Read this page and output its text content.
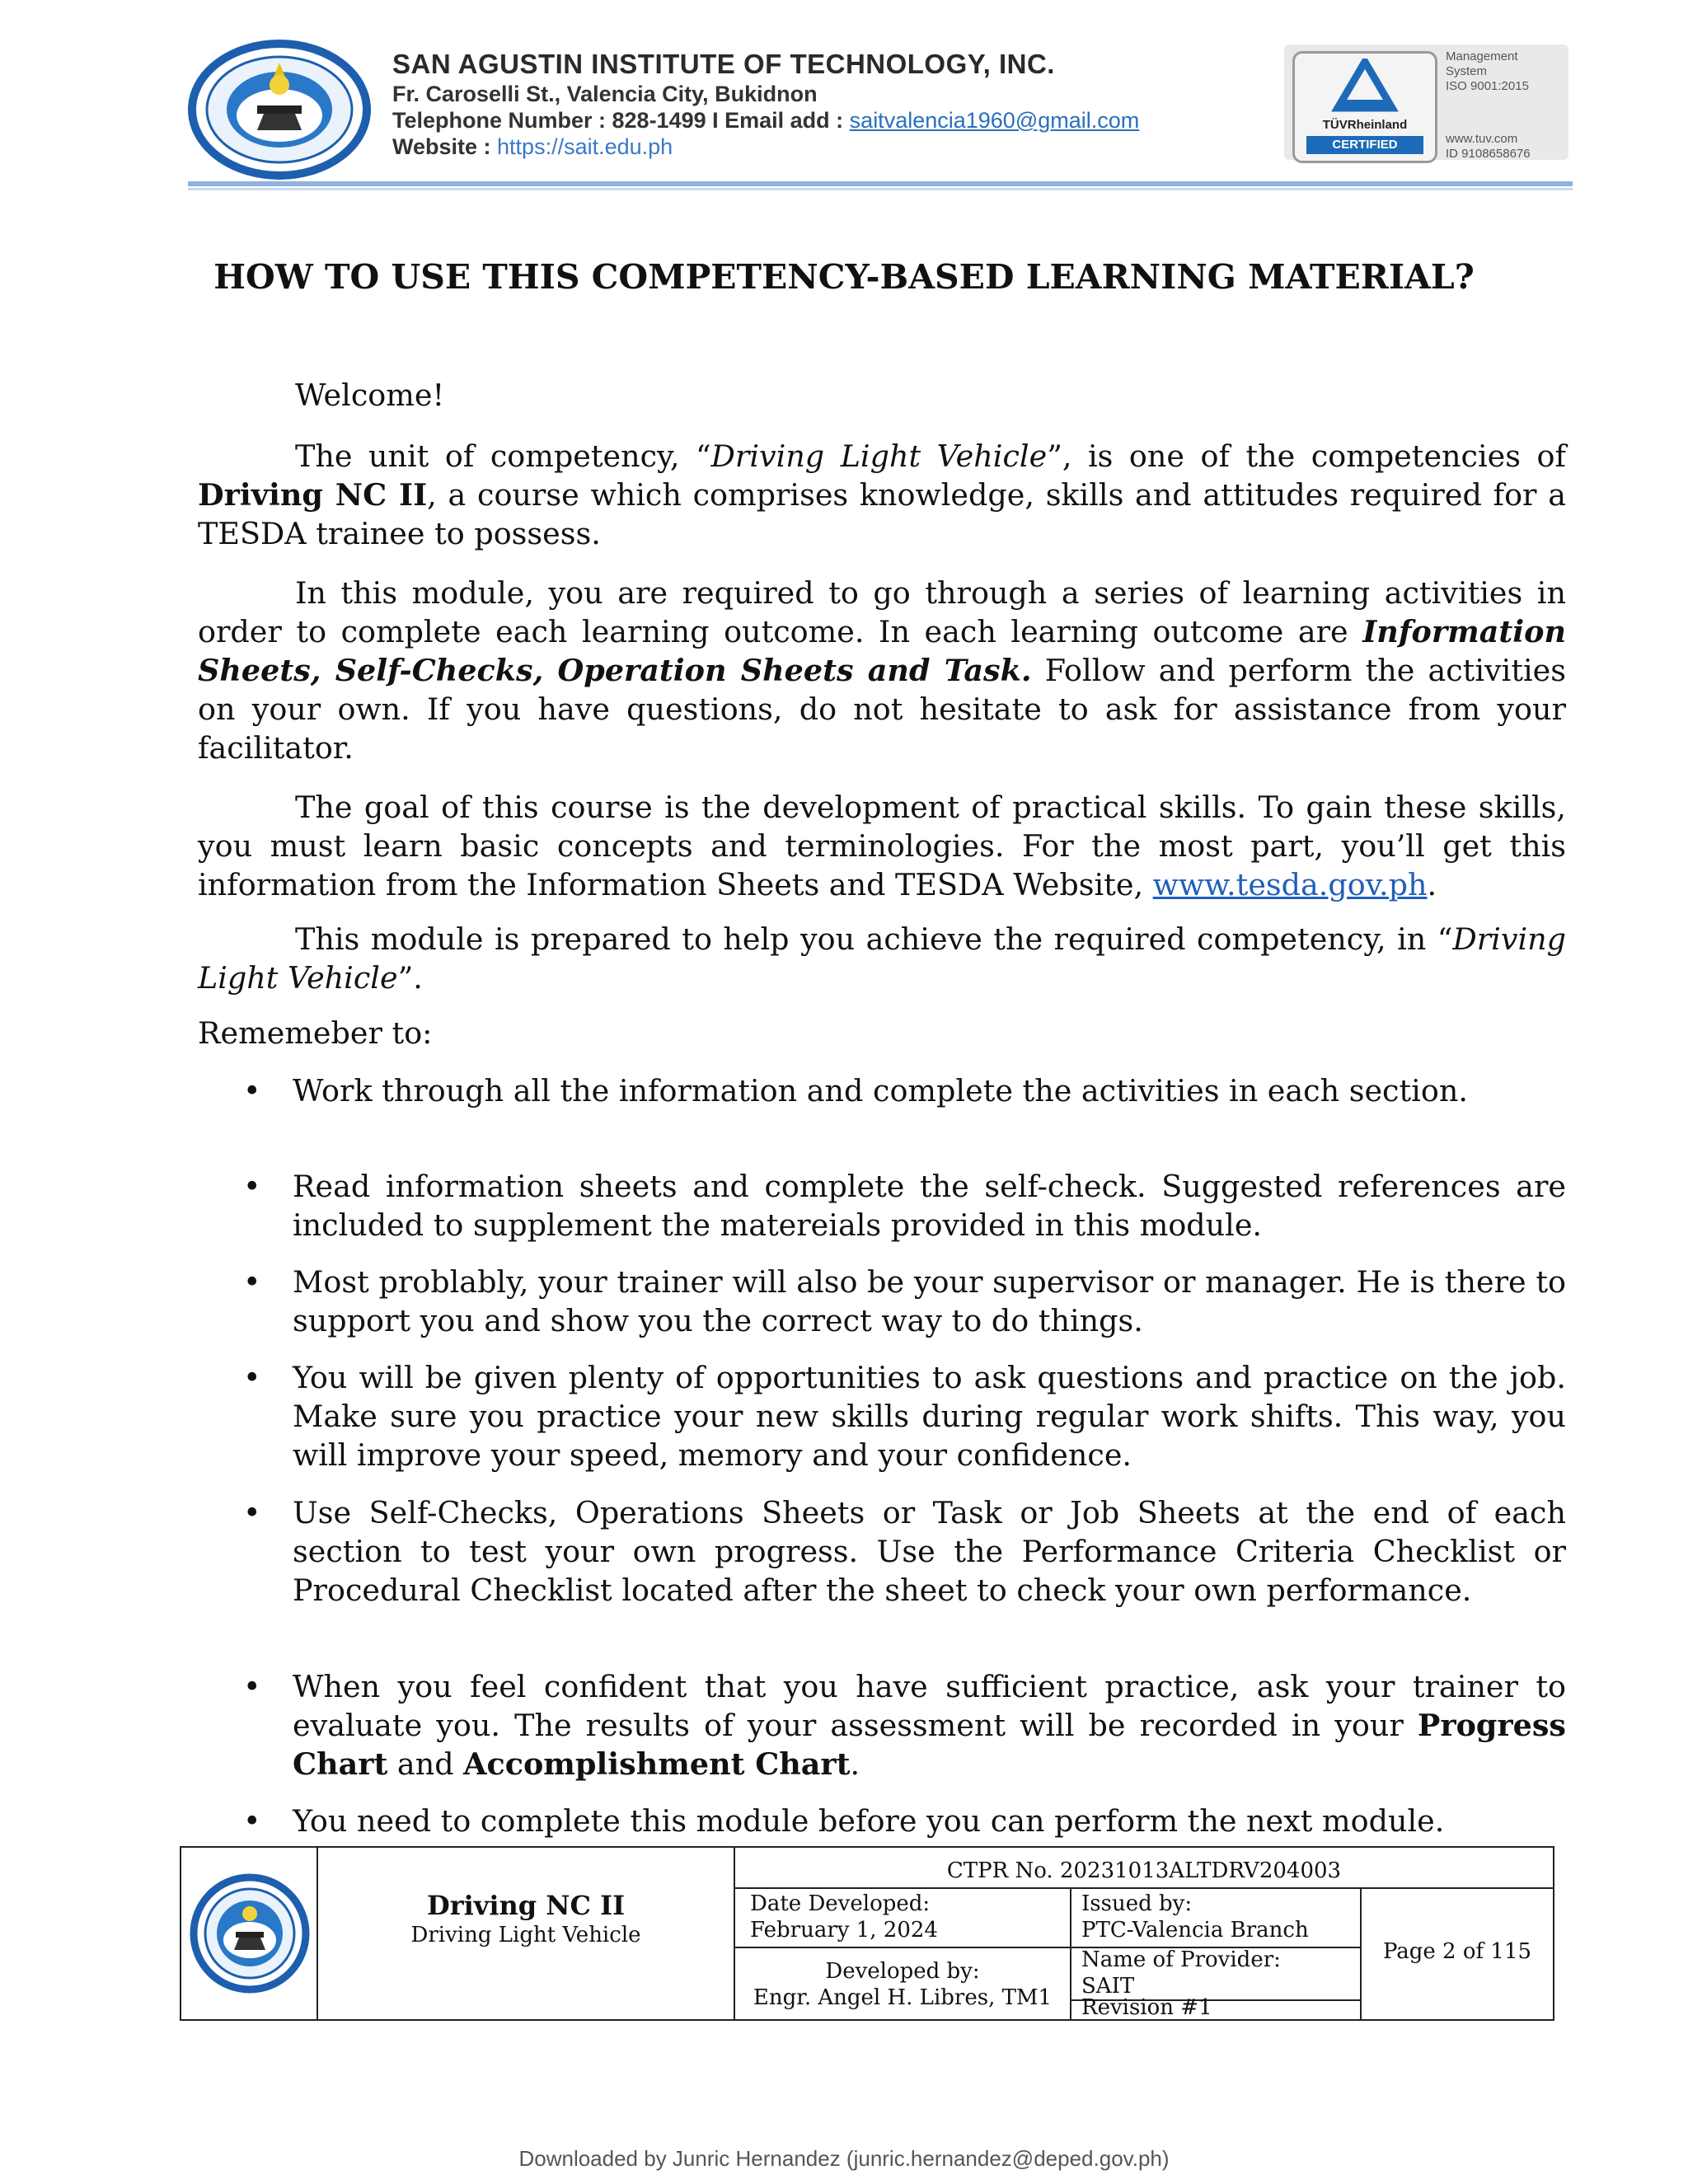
SAN AGUSTIN INSTITUTE OF TECHNOLOGY, INC.
Fr. Caroselli St., Valencia City, Bukidnon
Telephone Number : 828-1499 I Email add : saitvalencia1960@gmail.com
Website : https://sait.edu.ph
TÜVRheinland
CERTIFIED
Management
System
ISO 9001:2015
www.tuv.com
ID 9108658676
HOW TO USE THIS COMPETENCY-BASED LEARNING MATERIAL?
Welcome!
The unit of competency, “Driving Light Vehicle”, is one of the competencies of Driving NC II, a course which comprises knowledge, skills and attitudes required for a TESDA trainee to possess.
In this module, you are required to go through a series of learning activities in order to complete each learning outcome. In each learning outcome are Information Sheets, Self-Checks, Operation Sheets and Task. Follow and perform the activities on your own. If you have questions, do not hesitate to ask for assistance from your facilitator.
The goal of this course is the development of practical skills. To gain these skills, you must learn basic concepts and terminologies. For the most part, you’ll get this information from the Information Sheets and TESDA Website, www.tesda.gov.ph.
This module is prepared to help you achieve the required competency, in “Driving Light Vehicle”.
Rememeber to:
• Work through all the information and complete the activities in each section.
• Read information sheets and complete the self-check. Suggested references are included to supplement the matereials provided in this module.
• Most problably, your trainer will also be your supervisor or manager. He is there to support you and show you the correct way to do things.
• You will be given plenty of opportunities to ask questions and practice on the job. Make sure you practice your new skills during regular work shifts. This way, you will improve your speed, memory and your confidence.
• Use Self-Checks, Operations Sheets or Task or Job Sheets at the end of each section to test your own progress. Use the Performance Criteria Checklist or Procedural Checklist located after the sheet to check your own performance.
• When you feel confident that you have sufficient practice, ask your trainer to evaluate you. The results of your assessment will be recorded in your Progress Chart and Accomplishment Chart.
• You need to complete this module before you can perform the next module.
Driving NC II
Driving Light Vehicle
CTPR No. 20231013ALTDRV204003
Date Developed:
February 1, 2024
Developed by:
Engr. Angel H. Libres, TM1
Issued by:
PTC-Valencia Branch
Name of Provider:
SAIT
Revision #1
Page 2 of 115
Downloaded by Junric Hernandez (junric.hernandez@deped.gov.ph)
